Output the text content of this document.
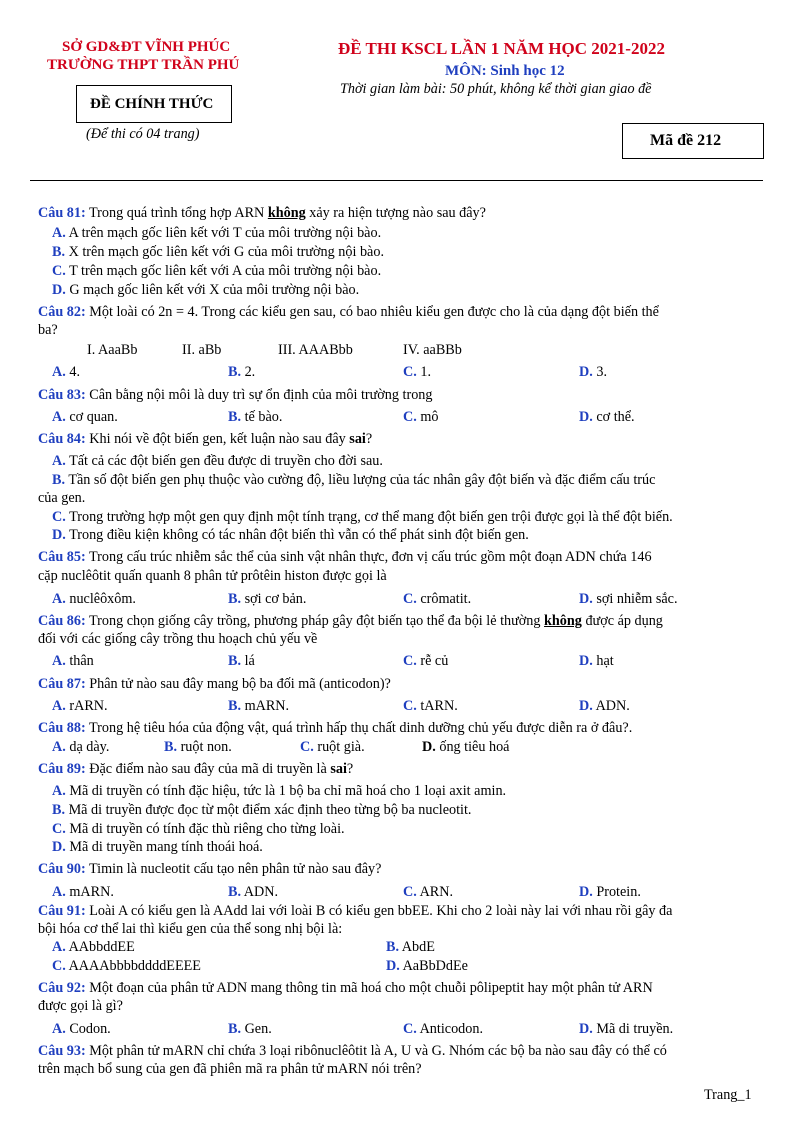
SỞ GD&ĐT VĨNH PHÚC
TRƯỜNG THPT TRẦN PHÚ
ĐỀ CHÍNH THỨC
(Để thi có 04 trang)
ĐỀ THI KSCL LẦN 1 NĂM HỌC 2021-2022
MÔN: Sinh học 12
Thời gian làm bài: 50 phút, không kể thời gian giao đề
Mã đề 212
Câu 81: Trong quá trình tổng hợp ARN không xảy ra hiện tượng nào sau đây?
A. A trên mạch gốc liên kết với T của môi trường nội bào.
B. X trên mạch gốc liên kết với G của môi trường nội bào.
C. T trên mạch gốc liên kết với A của môi trường nội bào.
D. G mạch gốc liên kết với X của môi trường nội bào.
Câu 82: Một loài có 2n = 4. Trong các kiểu gen sau, có bao nhiêu kiểu gen được cho là của dạng đột biến thể
ba?
I. AaaBb	II. aBb	III. AAABbb	IV. aaBBb
A. 4.	B. 2.	C. 1.	D. 3.
Câu 83: Cân bằng nội môi là duy trì sự ổn định của môi trường trong
A. cơ quan.	B. tế bào.	C. mô	D. cơ thể.
Câu 84: Khi nói về đột biến gen, kết luận nào sau đây sai?
A. Tất cả các đột biến gen đều được di truyền cho đời sau.
B. Tần số đột biến gen phụ thuộc vào cường độ, liều lượng của tác nhân gây đột biến và đặc điểm cấu trúc
của gen.
C. Trong trường hợp một gen quy định một tính trạng, cơ thể mang đột biến gen trội được gọi là thể đột biến.
D. Trong điều kiện không có tác nhân đột biến thì vẫn có thể phát sinh đột biến gen.
Câu 85: Trong cấu trúc nhiễm sắc thể của sinh vật nhân thực, đơn vị cấu trúc gồm một đoạn ADN chứa 146
cặp nuclêôtit quấn quanh 8 phân tử prôtêin histon được gọi là
A. nuclêôxôm.	B. sợi cơ bản.	C. crômatit.	D. sợi nhiễm sắc.
Câu 86: Trong chọn giống cây trồng, phương pháp gây đột biến tạo thể đa bội lẻ thường không được áp dụng
đối với các giống cây trồng thu hoạch chủ yếu về
A. thân	B. lá	C. rễ củ	D. hạt
Câu 87: Phân tử nào sau đây mang bộ ba đối mã (anticodon)?
A. rARN.	B. mARN.	C. tARN.	D. ADN.
Câu 88: Trong hệ tiêu hóa của động vật, quá trình hấp thụ chất dinh dưỡng chủ yếu được diễn ra ở đâu?.
A. dạ dày.	B. ruột non.	C. ruột già.	D. ống tiêu hoá
Câu 89: Đặc điểm nào sau đây của mã di truyền là sai?
A. Mã di truyền có tính đặc hiệu, tức là 1 bộ ba chỉ mã hoá cho 1 loại axit amin.
B. Mã di truyền được đọc từ một điểm xác định theo từng bộ ba nucleotit.
C. Mã di truyền có tính đặc thù riêng cho từng loài.
D. Mã di truyền mang tính thoái hoá.
Câu 90: Timin là nucleotit cấu tạo nên phân tử nào sau đây?
A. mARN.	B. ADN.	C. ARN.	D. Protein.
Câu 91: Loài A có kiểu gen là AAdd lai với loài B có kiểu gen bbEE. Khi cho 2 loài này lai với nhau rồi gây đa
bội hóa cơ thể lai thì kiểu gen của thể song nhị bội là:
A. AAbbddEE	B. AbdE
C. AAAAbbbbddddEEEE	D. AaBbDdEe
Câu 92: Một đoạn của phân tử ADN mang thông tin mã hoá cho một chuỗi pôlipeptit hay một phân tử ARN
được gọi là gì?
A. Codon.	B. Gen.	C. Anticodon.	D. Mã di truyền.
Câu 93: Một phân tử mARN chỉ chứa 3 loại ribônuclêôtit là A, U và G. Nhóm các bộ ba nào sau đây có thể có
trên mạch bổ sung của gen đã phiên mã ra phân tử mARN nói trên?
Trang_1
